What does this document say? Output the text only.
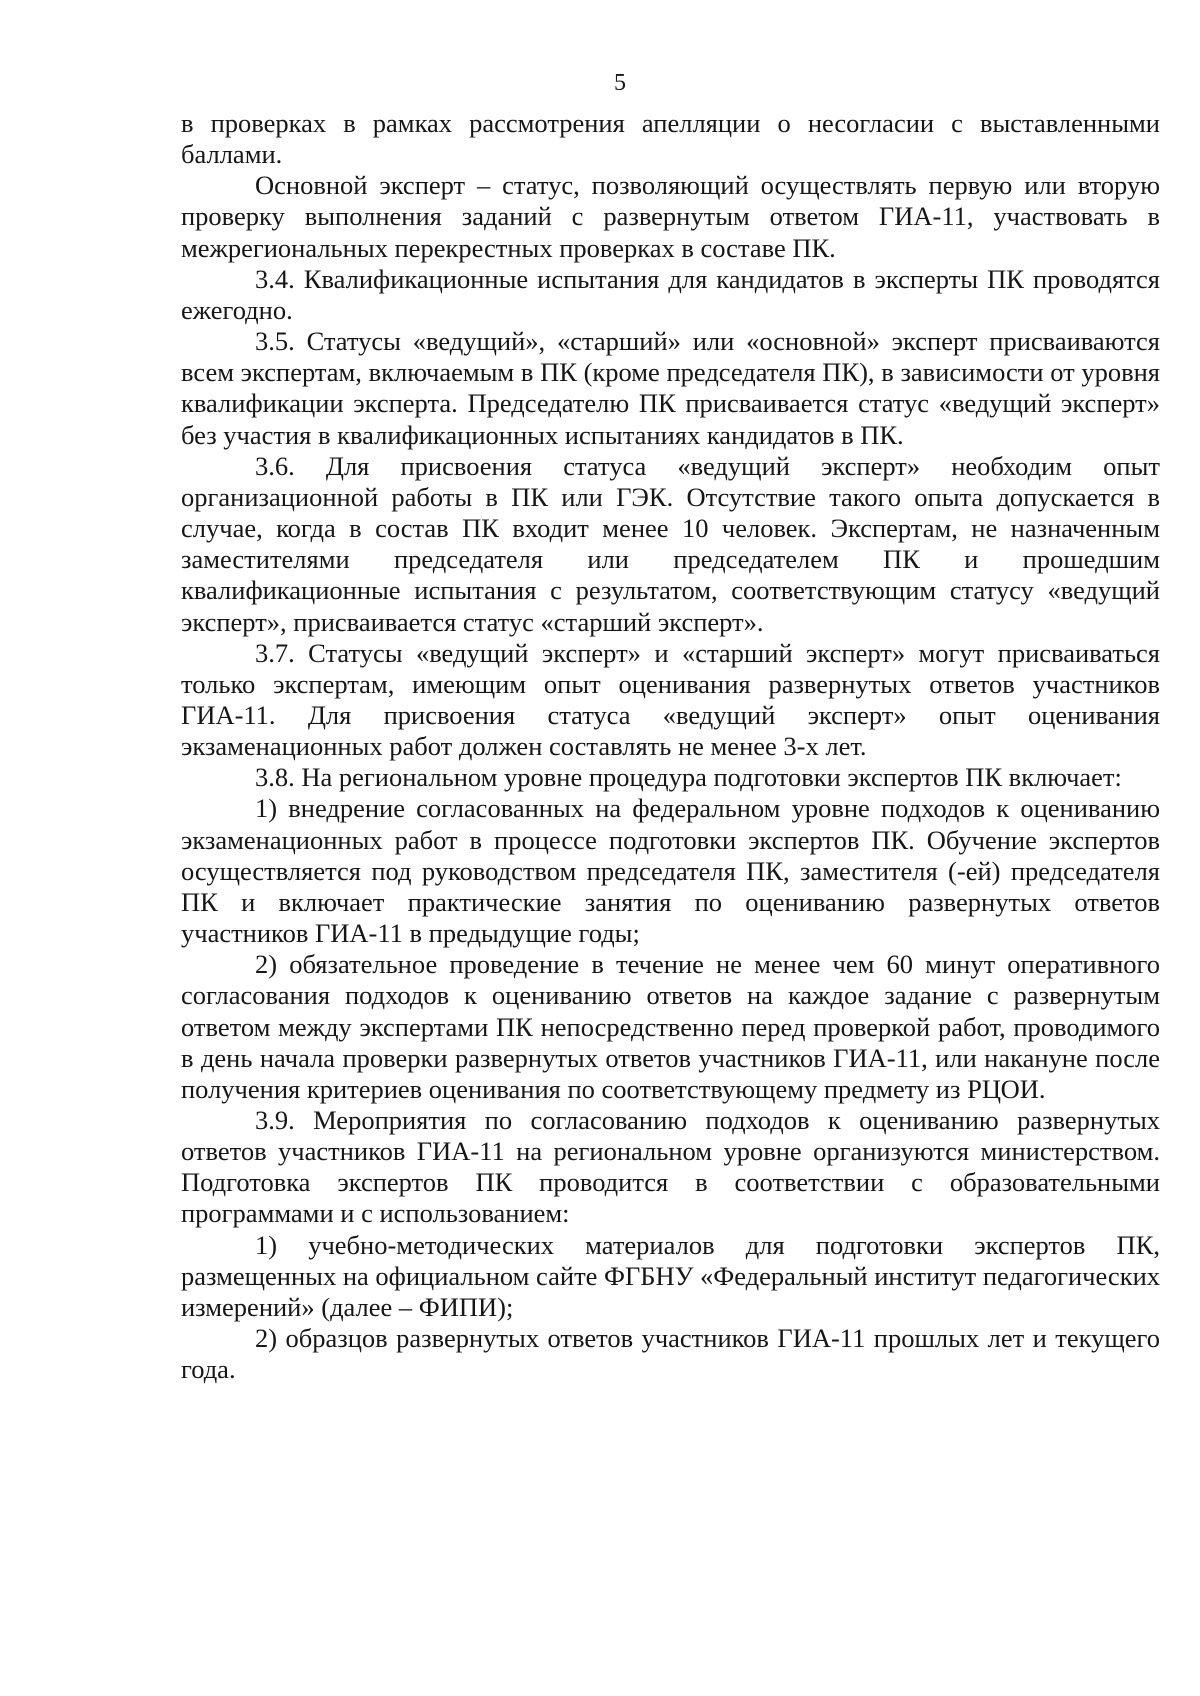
5

в проверках в рамках рассмотрения апелляции о несогласии с выставленными баллами.

Основной эксперт – статус, позволяющий осуществлять первую или вторую проверку выполнения заданий с развернутым ответом ГИА-11, участвовать в межрегиональных перекрестных проверках в составе ПК.

3.4. Квалификационные испытания для кандидатов в эксперты ПК проводятся ежегодно.

3.5. Статусы «ведущий», «старший» или «основной» эксперт присваиваются всем экспертам, включаемым в ПК (кроме председателя ПК), в зависимости от уровня квалификации эксперта. Председателю ПК присваивается статус «ведущий эксперт» без участия в квалификационных испытаниях кандидатов в ПК.

3.6. Для присвоения статуса «ведущий эксперт» необходим опыт организационной работы в ПК или ГЭК. Отсутствие такого опыта допускается в случае, когда в состав ПК входит менее 10 человек. Экспертам, не назначенным заместителями председателя или председателем ПК и прошедшим квалификационные испытания с результатом, соответствующим статусу «ведущий эксперт», присваивается статус «старший эксперт».

3.7. Статусы «ведущий эксперт» и «старший эксперт» могут присваиваться только экспертам, имеющим опыт оценивания развернутых ответов участников ГИА-11. Для присвоения статуса «ведущий эксперт» опыт оценивания экзаменационных работ должен составлять не менее 3-х лет.

3.8. На региональном уровне процедура подготовки экспертов ПК включает:

1) внедрение согласованных на федеральном уровне подходов к оцениванию экзаменационных работ в процессе подготовки экспертов ПК. Обучение экспертов осуществляется под руководством председателя ПК, заместителя (-ей) председателя ПК и включает практические занятия по оцениванию развернутых ответов участников ГИА-11 в предыдущие годы;

2) обязательное проведение в течение не менее чем 60 минут оперативного согласования подходов к оцениванию ответов на каждое задание с развернутым ответом между экспертами ПК непосредственно перед проверкой работ, проводимого в день начала проверки развернутых ответов участников ГИА-11, или накануне после получения критериев оценивания по соответствующему предмету из РЦОИ.

3.9. Мероприятия по согласованию подходов к оцениванию развернутых ответов участников ГИА-11 на региональном уровне организуются министерством. Подготовка экспертов ПК проводится в соответствии с образовательными программами и с использованием:

1) учебно-методических материалов для подготовки экспертов ПК, размещенных на официальном сайте ФГБНУ «Федеральный институт педагогических измерений» (далее – ФИПИ);

2) образцов развернутых ответов участников ГИА-11 прошлых лет и текущего года.
